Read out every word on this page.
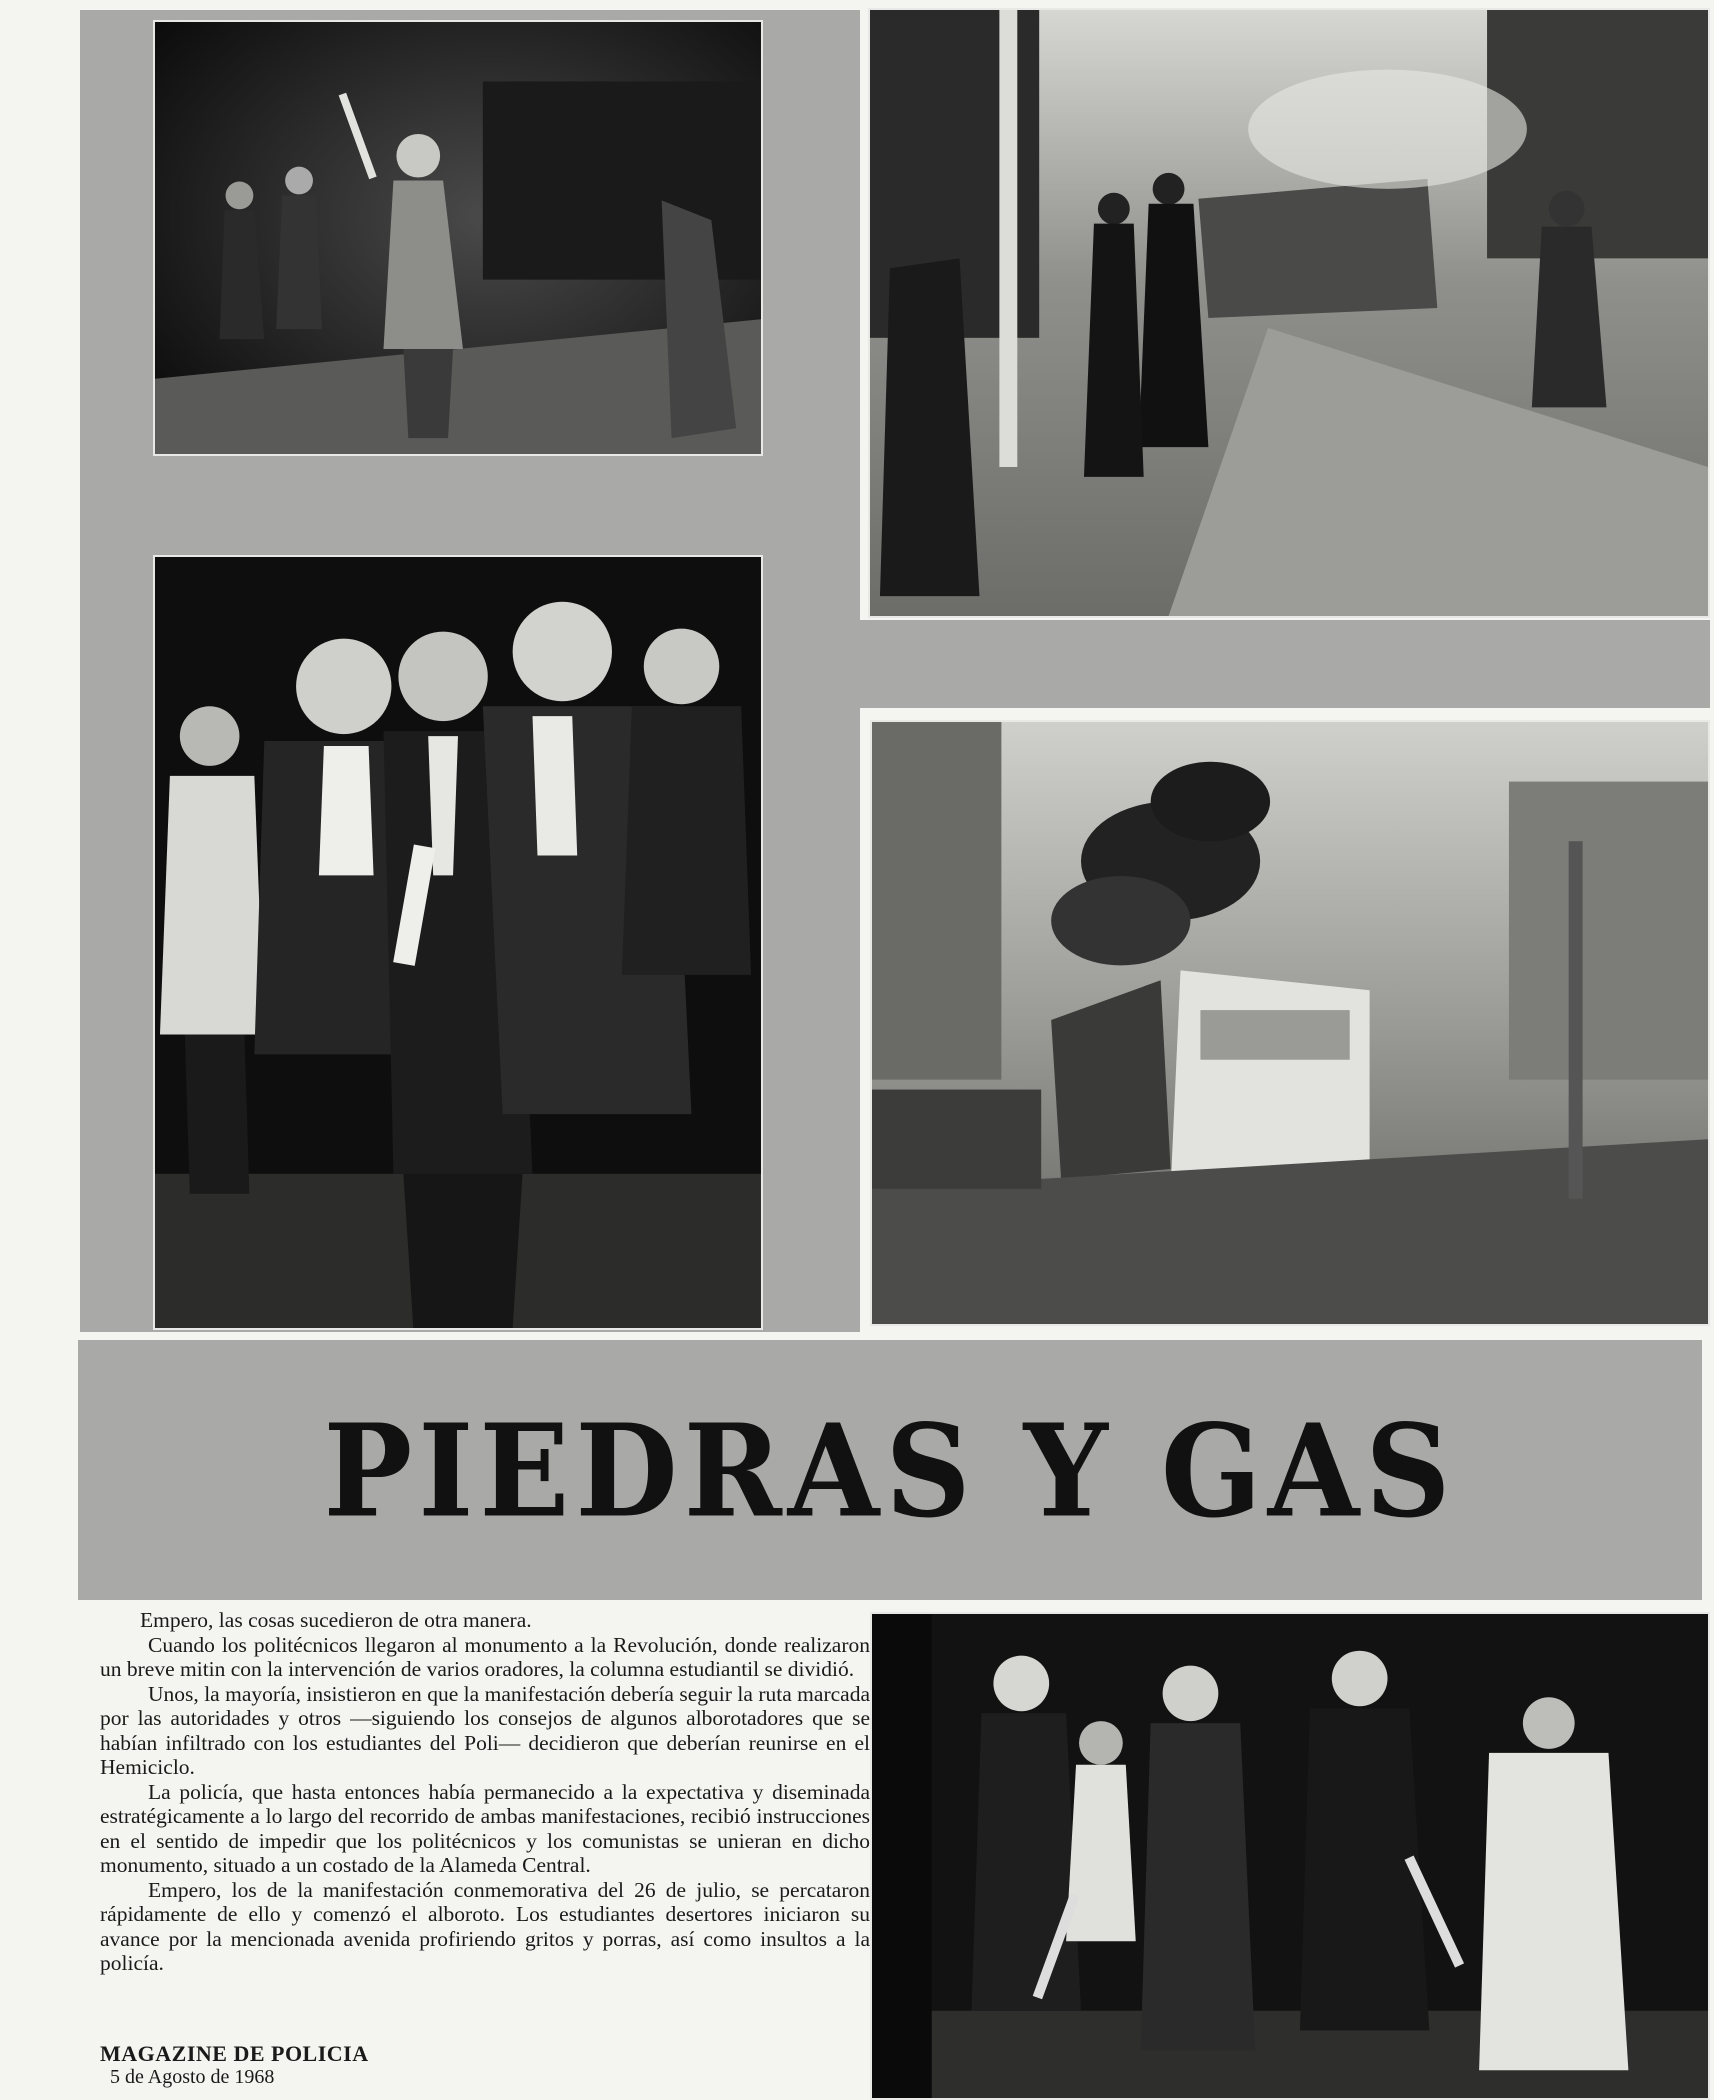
PIEDRAS Y GAS

Empero, las cosas sucedieron de otra manera.

Cuando los politécnicos llegaron al monumento a la Revolución, donde realizaron un breve mitin con la intervención de varios oradores, la columna estudiantil se dividió.

Unos, la mayoría, insistieron en que la manifestación debería seguir la ruta marcada por las autoridades y otros —siguiendo los consejos de algunos alborotadores que se habían infiltrado con los estudiantes del Poli— decidieron que deberían reunirse en el Hemiciclo.

La policía, que hasta entonces había permanecido a la expectativa y diseminada estratégicamente a lo largo del recorrido de ambas manifestaciones, recibió instrucciones en el sentido de impedir que los politécnicos y los comunistas se unieran en dicho monumento, situado a un costado de la Alameda Central.

Empero, los de la manifestación conmemorativa del 26 de julio, se percataron rápidamente de ello y comenzó el alboroto. Los estudiantes desertores iniciaron su avance por la mencionada avenida profiriendo gritos y porras, así como insultos a la policía.

MAGAZINE DE POLICIA
5 de Agosto de 1968
